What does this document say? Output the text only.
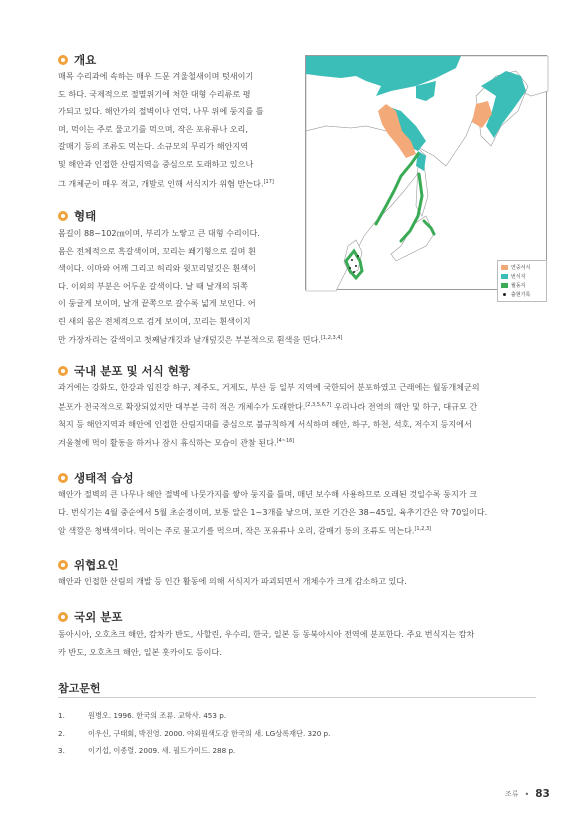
개요

매목 수리과에 속하는 매우 드문 겨울철새이며 텃새이기
도 하다. 국제적으로 절멸위기에 처한 대형 수리류로 평
가되고 있다. 해안가의 절벽이나 언덕, 나무 위에 둥지를 틀
며, 먹이는 주로 물고기를 먹으며, 작은 포유류나 오리,
갈매기 등의 조류도 먹는다. 소규모의 무리가 해안지역
및 해안과 인접한 산림지역을 중심으로 도래하고 있으나
그 개체군이 매우 적고, 개발로 인해 서식지가 위협 받는다.[17]

연중서식
번식지
월동지
출현기록
형태

몸길이 88~102㎝이며, 부리가 노랗고 큰 대형 수리이다.
몸은 전체적으로 흑갈색이며, 꼬리는 쐐기형으로 길며 흰
색이다. 이마와 어깨 그리고 허리와 윗꼬리덮깃은 흰색이
다. 이외의 부분은 어두운 갈색이다. 날 때 날개의 뒤쪽
이 둥글게 보이며, 날개 끝쪽으로 갈수록 넓게 보인다. 어
린 새의 몸은 전체적으로 검게 보이며, 꼬리는 흰색이지

만 가장자리는 갈색이고 첫째날개깃과 날개덮깃은 부분적으로 흰색을 띤다.[1,2,3,4]

국내 분포 및 서식 현황

과거에는 강화도, 한강과 임진강 하구, 제주도, 거제도, 부산 등 일부 지역에 국한되어 분포하였고 근래에는 월동개체군의
분포가 전국적으로 확장되었지만 대부분 극히 적은 개체수가 도래한다.[2,3,5,6,7] 우리나라 전역의 해안 및 하구, 대규모 간
척지 등 해안지역과 해안에 인접한 산림지대를 중심으로 불규칙하게 서식하며 해안, 하구, 하천, 석호, 저수지 등지에서
겨울철에 먹이 활동을 하거나 잠시 휴식하는 모습이 관찰 된다.[4~16]

생태적 습성

해안가 절벽의 큰 나무나 해안 절벽에 나뭇가지를 쌓아 둥지를 틀며, 매년 보수해 사용하므로 오래된 것일수록 둥지가 크
다. 번식기는 4월 중순에서 5월 초순경이며, 보통 알은 1~3개를 낳으며, 포란 기간은 38~45일, 육추기간은 약 70일이다.
알 색깔은 청백색이다. 먹이는 주로 물고기를 먹으며, 작은 포유류나 오리, 갈매기 등의 조류도 먹는다.[1,2,3]

위협요인

해안과 인접한 산림의 개발 등 인간 활동에 의해 서식지가 파괴되면서 개체수가 크게 감소하고 있다.

국외 분포

동아시아, 오호츠크 해안, 캄차카 반도, 사할린, 우수리, 한국, 일본 등 동북아시아 전역에 분포한다. 주요 번식지는 캄차
카 반도, 오호츠크 해안, 일본 홋카이도 등이다.

참고문헌
1.	원병오. 1996. 한국의 조류. 교학사. 453 p.
2.	이우신, 구태회, 박진영. 2000. 야외원색도감 한국의 새. LG상록재단. 320 p.
3.	이기섭, 이종렬. 2009. 새. 필드가이드. 288 p.
조류 • 83
